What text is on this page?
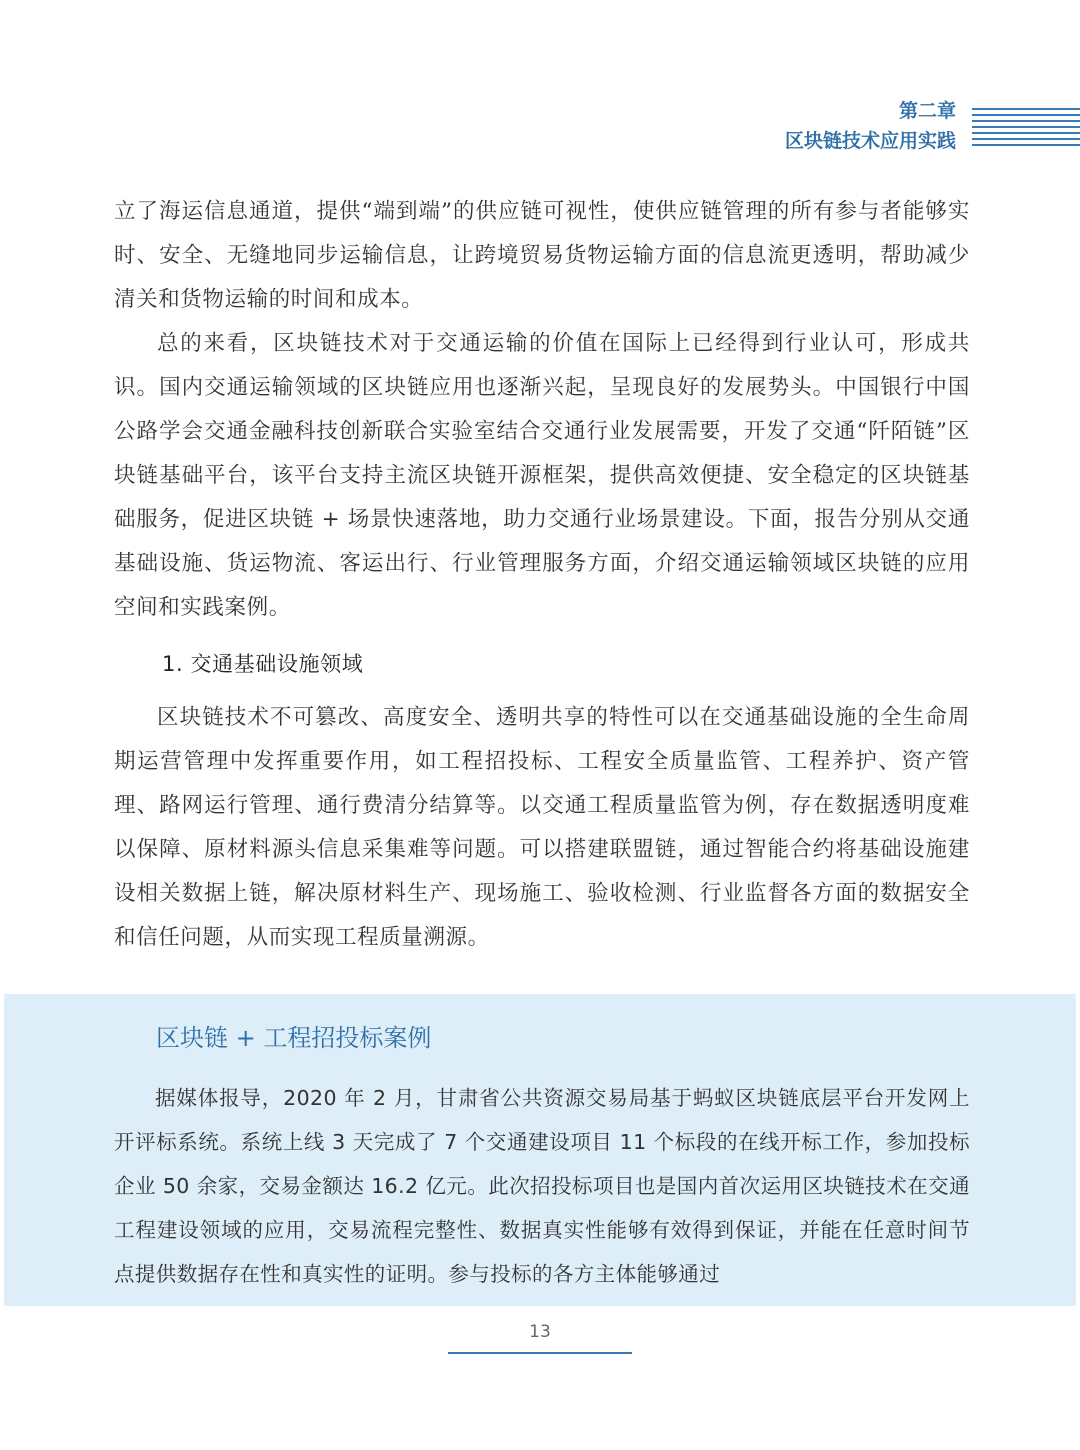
第二章
区块链技术应用实践

立了海运信息通道，提供“端到端”的供应链可视性，使供应链管理的所有参与者能够实时、安全、无缝地同步运输信息，让跨境贸易货物运输方面的信息流更透明，帮助减少清关和货物运输的时间和成本。

总的来看，区块链技术对于交通运输的价值在国际上已经得到行业认可，形成共识。国内交通运输领域的区块链应用也逐渐兴起，呈现良好的发展势头。中国银行中国公路学会交通金融科技创新联合实验室结合交通行业发展需要，开发了交通“阡陌链”区块链基础平台，该平台支持主流区块链开源框架，提供高效便捷、安全稳定的区块链基础服务，促进区块链 + 场景快速落地，助力交通行业场景建设。下面，报告分别从交通基础设施、货运物流、客运出行、行业管理服务方面，介绍交通运输领域区块链的应用空间和实践案例。

1. 交通基础设施领域

区块链技术不可篡改、高度安全、透明共享的特性可以在交通基础设施的全生命周期运营管理中发挥重要作用，如工程招投标、工程安全质量监管、工程养护、资产管理、路网运行管理、通行费清分结算等。以交通工程质量监管为例，存在数据透明度难以保障、原材料源头信息采集难等问题。可以搭建联盟链，通过智能合约将基础设施建设相关数据上链，解决原材料生产、现场施工、验收检测、行业监督各方面的数据安全和信任问题，从而实现工程质量溯源。

区块链 + 工程招投标案例

据媒体报导，2020 年 2 月，甘肃省公共资源交易局基于蚂蚁区块链底层平台开发网上开评标系统。系统上线 3 天完成了 7 个交通建设项目 11 个标段的在线开标工作，参加投标企业 50 余家，交易金额达 16.2 亿元。此次招投标项目也是国内首次运用区块链技术在交通工程建设领域的应用，交易流程完整性、数据真实性能够有效得到保证，并能在任意时间节点提供数据存在性和真实性的证明。参与投标的各方主体能够通过

13
